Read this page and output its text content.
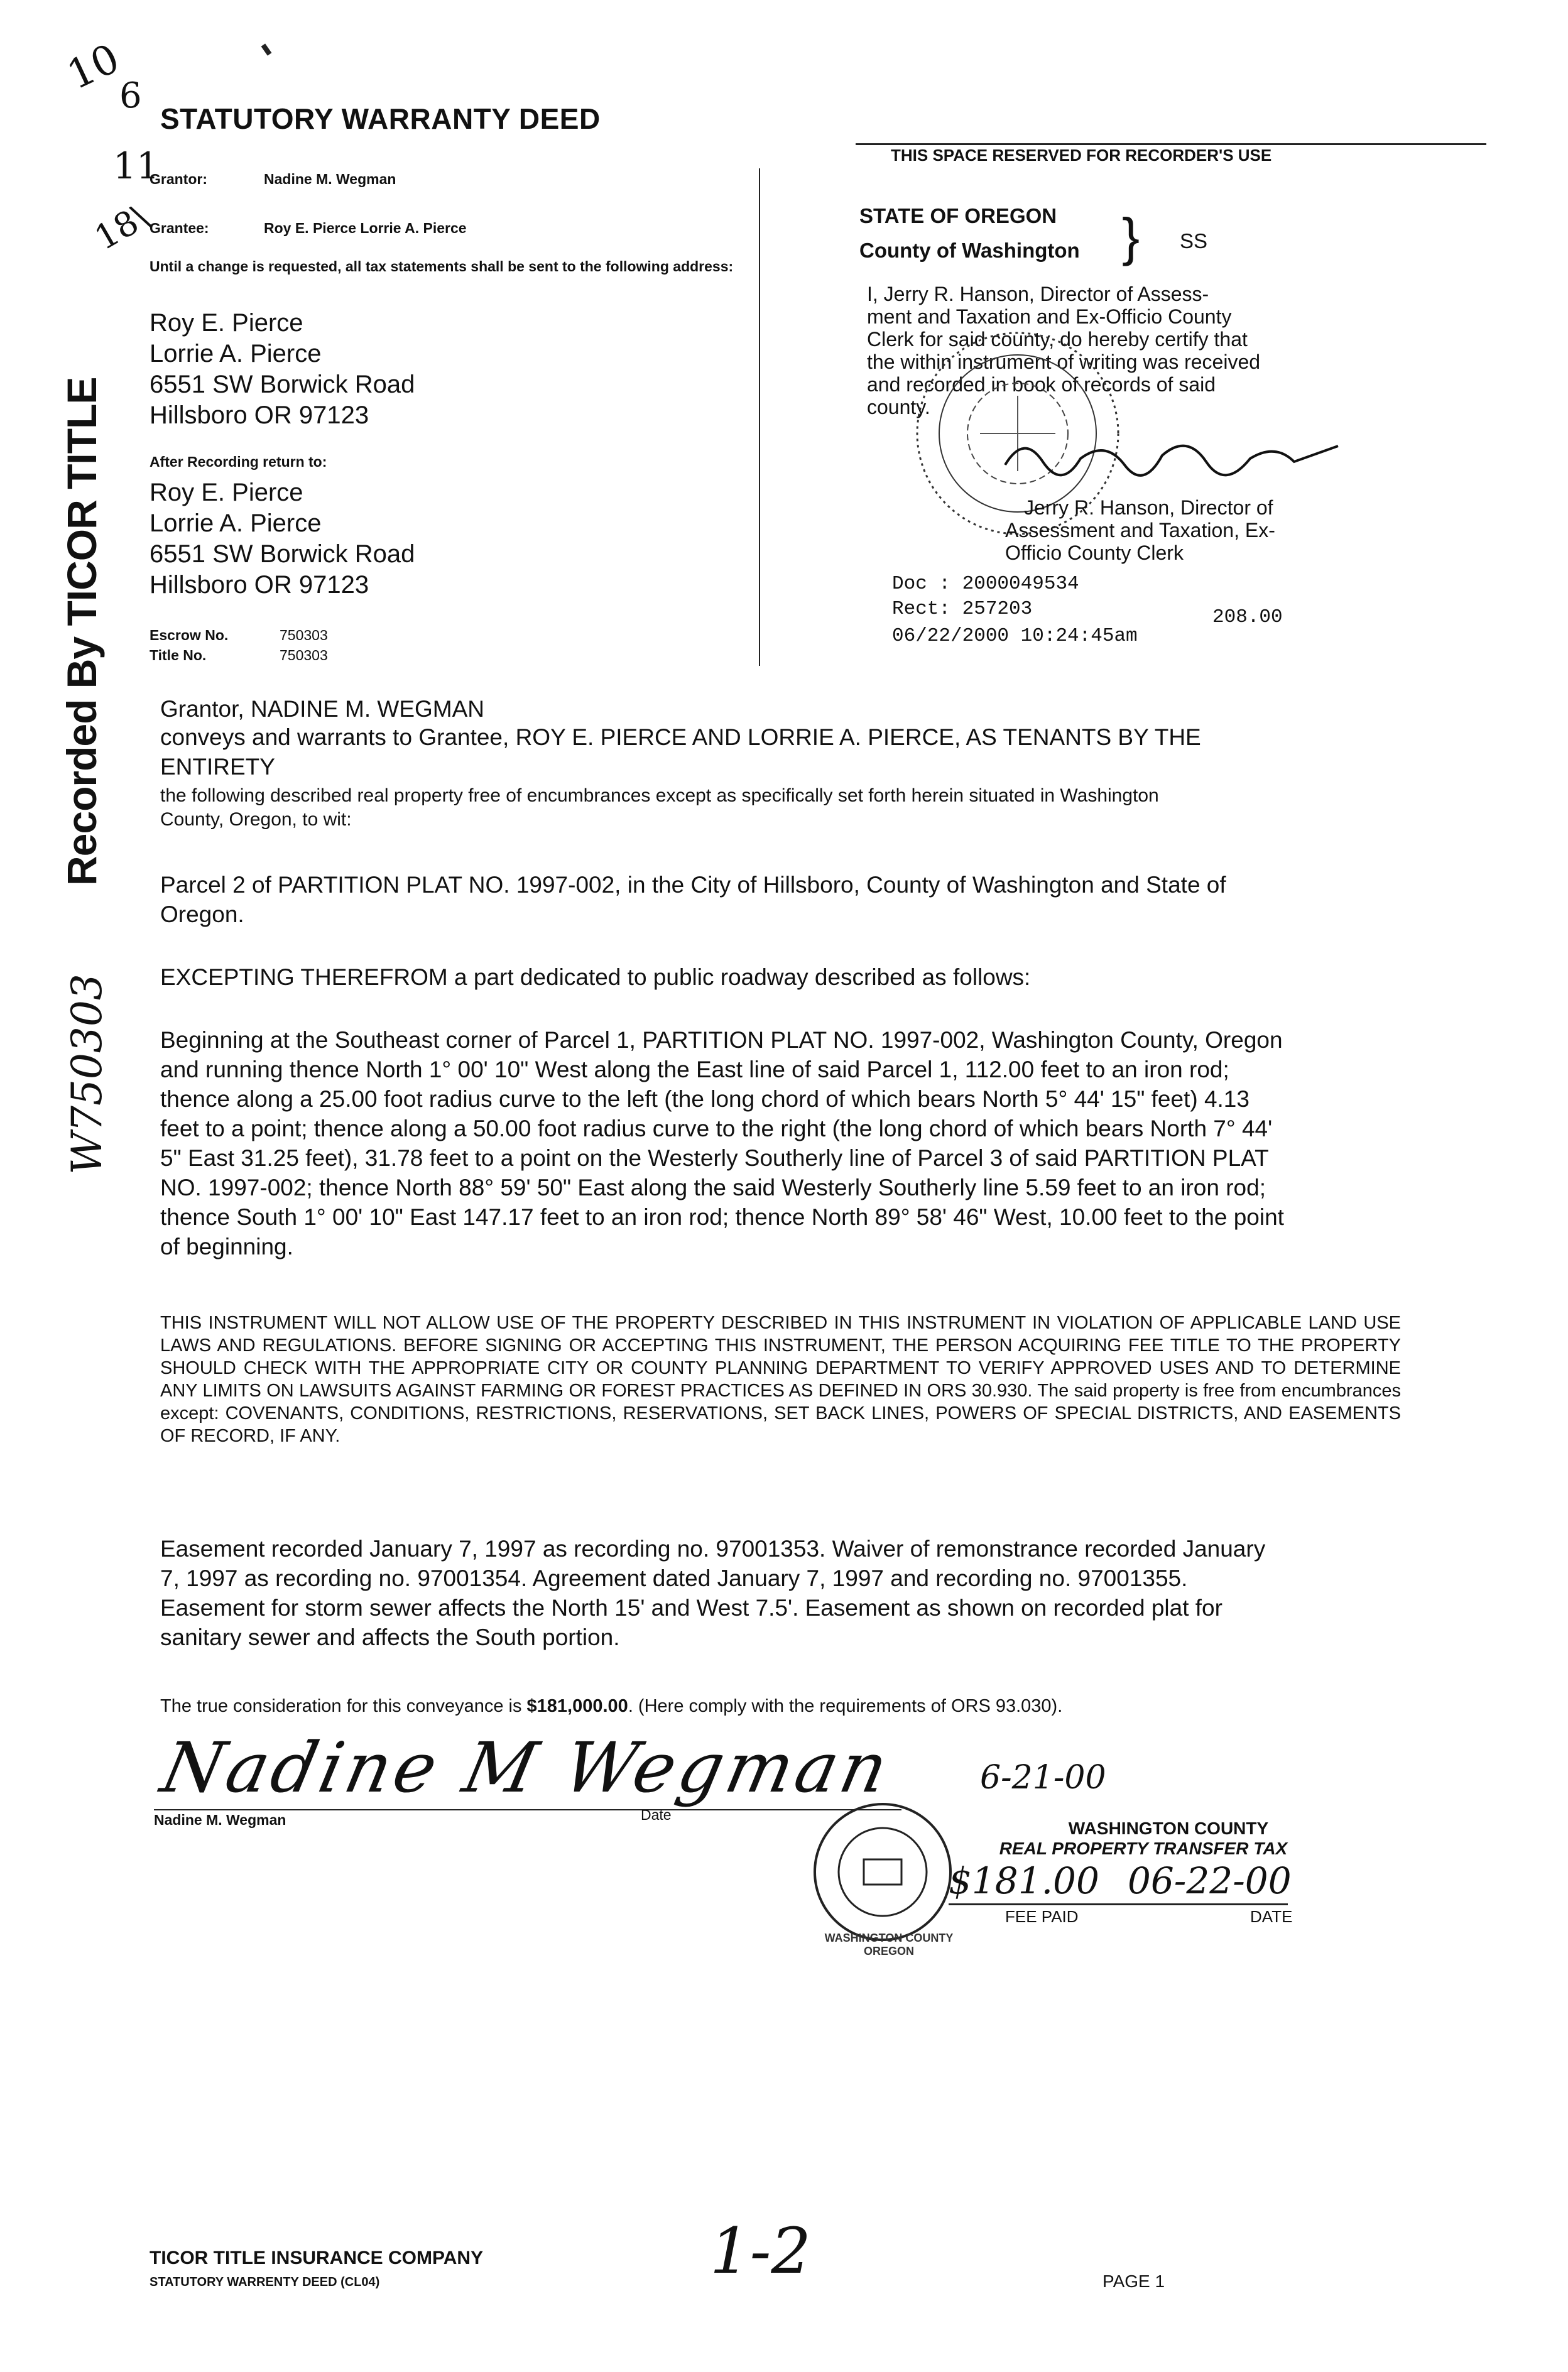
10
6
11
18\
Recorded By TICOR TITLE
W750303
STATUTORY WARRANTY DEED
THIS SPACE RESERVED FOR RECORDER'S USE
Grantor:	Nadine M. Wegman
Grantee:	Roy E. Pierce Lorrie A. Pierce
Until a change is requested, all tax statements shall be sent to the following address:
Roy E. Pierce
Lorrie A. Pierce
6551 SW Borwick Road
Hillsboro OR 97123
After Recording return to:
Roy E. Pierce
Lorrie A. Pierce
6551 SW Borwick Road
Hillsboro OR 97123
Escrow No.	750303
Title No.	750303
STATE OF OREGON
County of Washington } SS
I, Jerry R. Hanson, Director of Assess-
ment and Taxation and Ex-Officio County
Clerk for said county, do hereby certify that
the within instrument of writing was received
and recorded in book of records of said
county.
Jerry R. Hanson, Director of
Assessment and Taxation, Ex-
Officio County Clerk
Doc : 2000049534
Rect: 257203	208.00
06/22/2000 10:24:45am
Grantor, NADINE M. WEGMAN
conveys and warrants to Grantee, ROY E. PIERCE AND LORRIE A. PIERCE, AS TENANTS BY THE
ENTIRETY
the following described real property free of encumbrances except as specifically set forth herein situated in Washington
County, Oregon, to wit:
Parcel 2 of PARTITION PLAT NO. 1997-002, in the City of Hillsboro, County of Washington and State of
Oregon.
EXCEPTING THEREFROM a part dedicated to public roadway described as follows:
Beginning at the Southeast corner of Parcel 1, PARTITION PLAT NO. 1997-002, Washington County, Oregon
and running thence North 1° 00' 10" West along the East line of said Parcel 1, 112.00 feet to an iron rod;
thence along a 25.00 foot radius curve to the left (the long chord of which bears North 5° 44' 15" feet) 4.13
feet to a point; thence along a 50.00 foot radius curve to the right (the long chord of which bears North 7° 44'
5" East 31.25 feet), 31.78 feet to a point on the Westerly Southerly line of Parcel 3 of said PARTITION PLAT
NO. 1997-002; thence North 88° 59' 50" East along the said Westerly Southerly line 5.59 feet to an iron rod;
thence South 1° 00' 10" East 147.17 feet to an iron rod; thence North 89° 58' 46" West, 10.00 feet to the point
of beginning.
THIS INSTRUMENT WILL NOT ALLOW USE OF THE PROPERTY DESCRIBED IN THIS INSTRUMENT IN VIOLATION OF APPLICABLE LAND USE LAWS AND REGULATIONS. BEFORE SIGNING OR ACCEPTING THIS INSTRUMENT, THE PERSON ACQUIRING FEE TITLE TO THE PROPERTY SHOULD CHECK WITH THE APPROPRIATE CITY OR COUNTY PLANNING DEPARTMENT TO VERIFY APPROVED USES AND TO DETERMINE ANY LIMITS ON LAWSUITS AGAINST FARMING OR FOREST PRACTICES AS DEFINED IN ORS 30.930. The said property is free from encumbrances except: COVENANTS, CONDITIONS, RESTRICTIONS, RESERVATIONS, SET BACK LINES, POWERS OF SPECIAL DISTRICTS, AND EASEMENTS OF RECORD, IF ANY.
Easement recorded January 7, 1997 as recording no. 97001353. Waiver of remonstrance recorded January
7, 1997 as recording no. 97001354. Agreement dated January 7, 1997 and recording no. 97001355.
Easement for storm sewer affects the North 15' and West 7.5'. Easement as shown on recorded plat for
sanitary sewer and affects the South portion.
The true consideration for this conveyance is $181,000.00. (Here comply with the requirements of ORS 93.030).
Nadine M Wegman	6-21-00
Nadine M. Wegman	Date
WASHINGTON COUNTY OREGON
WASHINGTON COUNTY
REAL PROPERTY TRANSFER TAX
$181.00 06-22-00
FEE PAID	DATE
TICOR TITLE INSURANCE COMPANY
STATUTORY WARRENTY DEED (CL04)	1-2	PAGE 1
